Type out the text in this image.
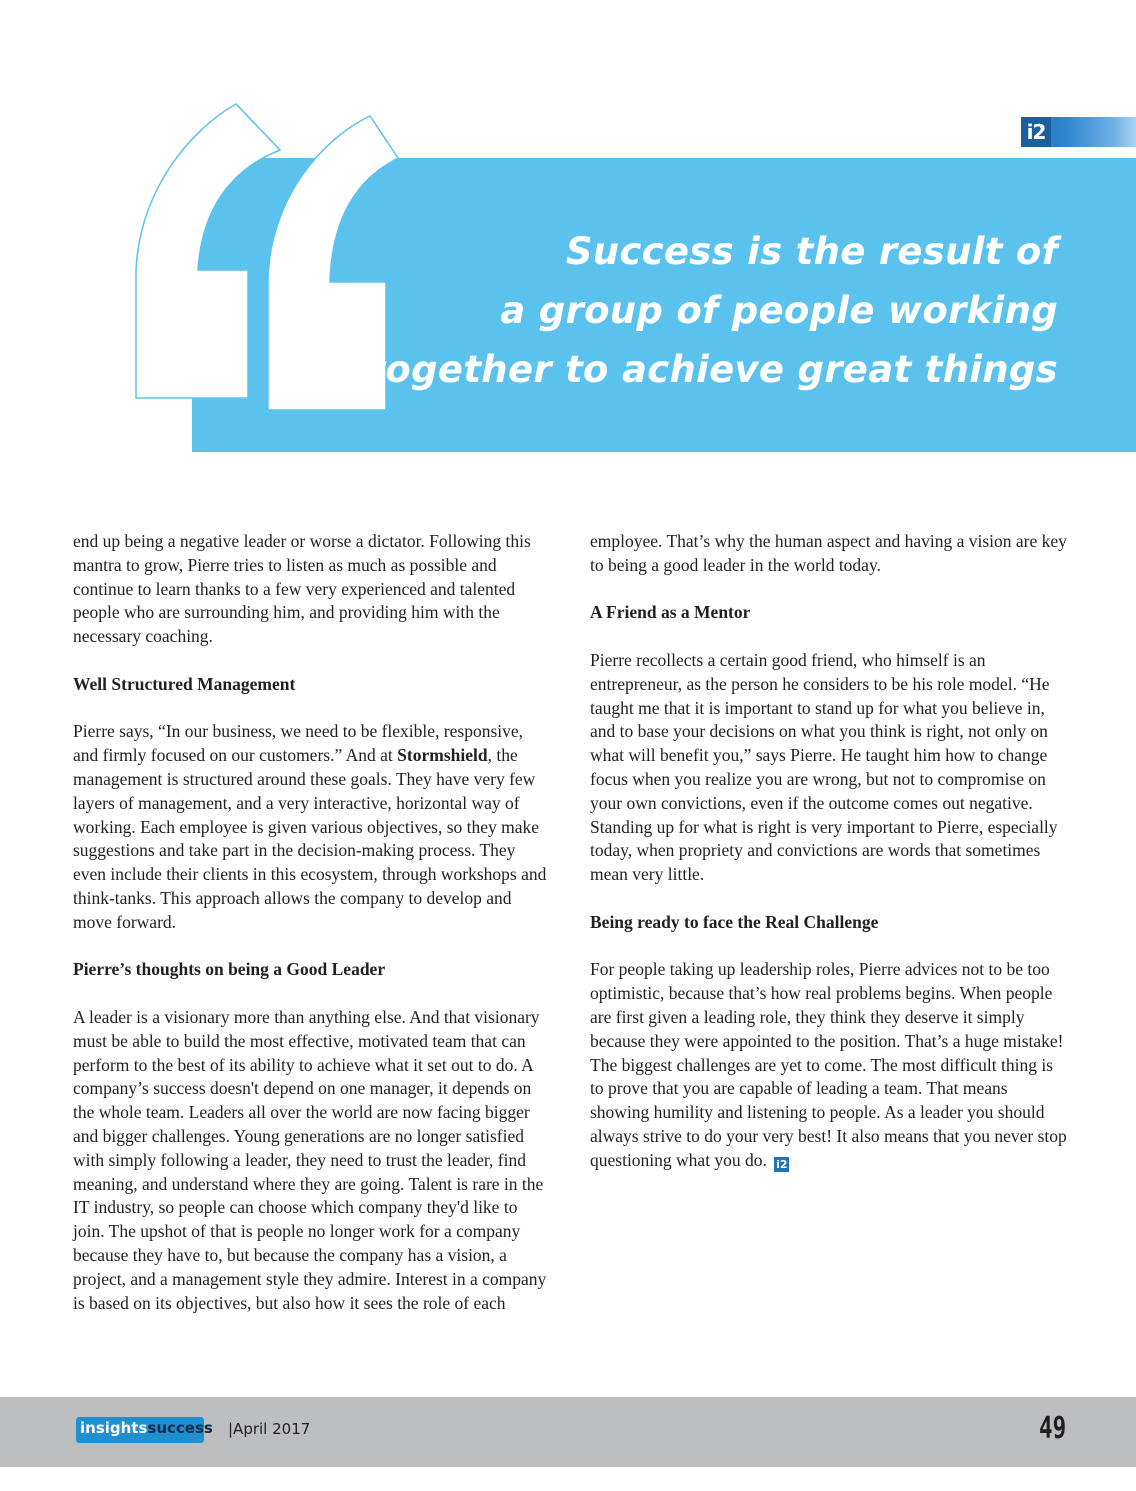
i2
Success is the result of
a group of people working
together to achieve great things

end up being a negative leader or worse a dictator. Following this mantra to grow, Pierre tries to listen as much as possible and continue to learn thanks to a few very experienced and talented people who are surrounding him, and providing him with the necessary coaching.

Well Structured Management

Pierre says, “In our business, we need to be flexible, responsive, and firmly focused on our customers.” And at Stormshield, the management is structured around these goals. They have very few layers of management, and a very interactive, horizontal way of working. Each employee is given various objectives, so they make suggestions and take part in the decision-making process. They even include their clients in this ecosystem, through workshops and think-tanks. This approach allows the company to develop and move forward.

Pierre’s thoughts on being a Good Leader

A leader is a visionary more than anything else. And that visionary must be able to build the most effective, motivated team that can perform to the best of its ability to achieve what it set out to do. A company’s success doesn't depend on one manager, it depends on the whole team. Leaders all over the world are now facing bigger and bigger challenges. Young generations are no longer satisfied with simply following a leader, they need to trust the leader, find meaning, and understand where they are going. Talent is rare in the IT industry, so people can choose which company they'd like to join. The upshot of that is people no longer work for a company because they have to, but because the company has a vision, a project, and a management style they admire. Interest in a company is based on its objectives, but also how it sees the role of each

employee. That’s why the human aspect and having a vision are key to being a good leader in the world today.

A Friend as a Mentor

Pierre recollects a certain good friend, who himself is an entrepreneur, as the person he considers to be his role model. “He taught me that it is important to stand up for what you believe in, and to base your decisions on what you think is right, not only on what will benefit you,” says Pierre. He taught him how to change focus when you realize you are wrong, but not to compromise on your own convictions, even if the outcome comes out negative. Standing up for what is right is very important to Pierre, especially today, when propriety and convictions are words that sometimes mean very little.

Being ready to face the Real Challenge

For people taking up leadership roles, Pierre advices not to be too optimistic, because that’s how real problems begins. When people are first given a leading role, they think they deserve it simply because they were appointed to the position. That’s a huge mistake! The biggest challenges are yet to come. The most difficult thing is to prove that you are capable of leading a team. That means showing humility and listening to people. As a leader you should always strive to do your very best! It also means that you never stop questioning what you do. i2

insightssuccess |April 2017	49
